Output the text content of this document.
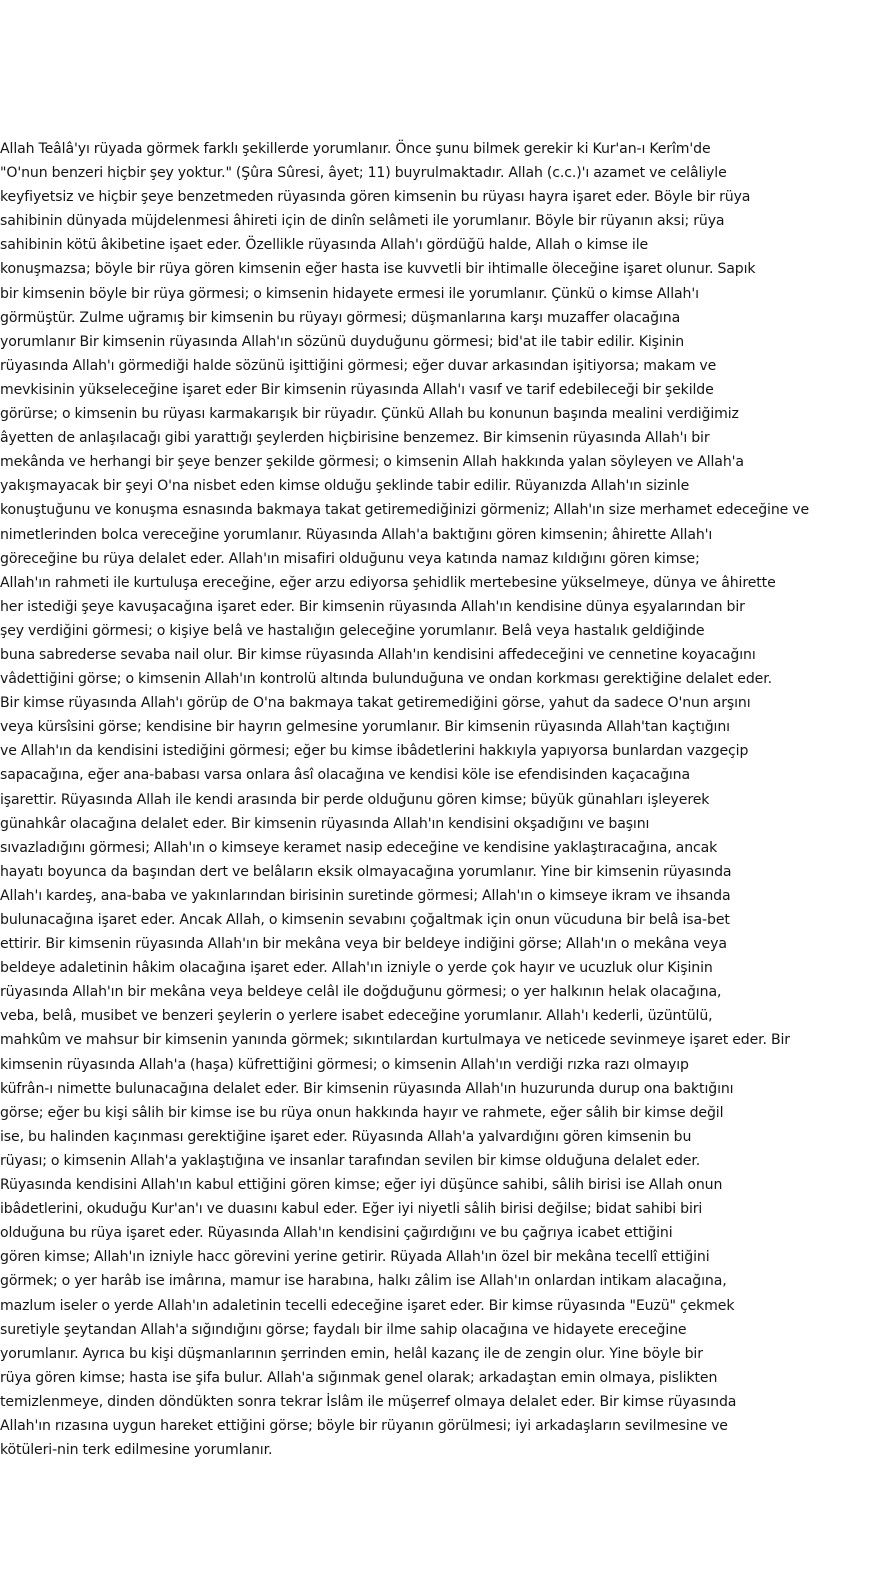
Allah Teâlâ'yı rüyada görmek farklı şekillerde yorumlanır. Önce şunu bilmek gerekir ki Kur'an-ı Kerîm'de
"O'nun benzeri hiçbir şey yoktur." (Şûra Sûresi, âyet; 11) buyrulmaktadır. Allah (c.c.)'ı azamet ve celâliyle
keyfiyetsiz ve hiçbir şeye benzetmeden rüyasında gören kimsenin bu rüyası hayra işaret eder. Böyle bir rüya
sahibinin dünyada müjdelenmesi âhireti için de dinîn selâmeti ile yorumlanır. Böyle bir rüyanın aksi; rüya
sahibinin kötü âkibetine işaet eder. Özellikle rüyasında Allah'ı gördüğü halde, Allah o kimse ile
konuşmazsa; böyle bir rüya gören kimsenin eğer hasta ise kuvvetli bir ihtimalle öleceğine işaret olunur. Sapık
bir kimsenin böyle bir rüya görmesi; o kimsenin hidayete ermesi ile yorumlanır. Çünkü o kimse Allah'ı
görmüştür. Zulme uğramış bir kimsenin bu rüyayı görmesi; düşmanlarına karşı muzaffer olacağına
yorumlanır Bir kimsenin rüyasında Allah'ın sözünü duyduğunu görmesi; bid'at ile tabir edilir. Kişinin
rüyasında Allah'ı görmediği halde sözünü işittiğini görmesi; eğer duvar arkasından işitiyorsa; makam ve
mevkisinin yükseleceğine işaret eder Bir kimsenin rüyasında Allah'ı vasıf ve tarif edebileceği bir şekilde
görürse; o kimsenin bu rüyası karmakarışık bir rüyadır. Çünkü Allah bu konunun başında mealini verdiğimiz
âyetten de anlaşılacağı gibi yarattığı şeylerden hiçbirisine benzemez. Bir kimsenin rüyasında Allah'ı bir
mekânda ve herhangi bir şeye benzer şekilde görmesi; o kimsenin Allah hakkında yalan söyleyen ve Allah'a
yakışmayacak bir şeyi O'na nisbet eden kimse olduğu şeklinde tabir edilir. Rüyanızda Allah'ın sizinle
konuştuğunu ve konuşma esnasında bakmaya takat getiremediğinizi görmeniz; Allah'ın size merhamet edeceğine ve
nimetlerinden bolca vereceğine yorumlanır. Rüyasında Allah'a baktığını gören kimsenin; âhirette Allah'ı
göreceğine bu rüya delalet eder. Allah'ın misafiri olduğunu veya katında namaz kıldığını gören kimse;
Allah'ın rahmeti ile kurtuluşa ereceğine, eğer arzu ediyorsa şehidlik mertebesine yükselmeye, dünya ve âhirette
her istediği şeye kavuşacağına işaret eder. Bir kimsenin rüyasında Allah'ın kendisine dünya eşyalarından bir
şey verdiğini görmesi; o kişiye belâ ve hastalığın geleceğine yorumlanır. Belâ veya hastalık geldiğinde
buna sabrederse sevaba nail olur. Bir kimse rüyasında Allah'ın kendisini affedeceğini ve cennetine koyacağını
vâdettiğini görse; o kimsenin Allah'ın kontrolü altında bulunduğuna ve ondan korkması gerektiğine delalet eder.
Bir kimse rüyasında Allah'ı görüp de O'na bakmaya takat getiremediğini görse, yahut da sadece O'nun arşını
veya kürsîsini görse; kendisine bir hayrın gelmesine yorumlanır. Bir kimsenin rüyasında Allah'tan kaçtığını
ve Allah'ın da kendisini istediğini görmesi; eğer bu kimse ibâdetlerini hakkıyla yapıyorsa bunlardan vazgeçip
sapacağına, eğer ana-babası varsa onlara âsî olacağına ve kendisi köle ise efendisinden kaçacağına
işarettir. Rüyasında Allah ile kendi arasında bir perde olduğunu gören kimse; büyük günahları işleyerek
günahkâr olacağına delalet eder. Bir kimsenin rüyasında Allah'ın kendisini okşadığını ve başını
sıvazladığını görmesi; Allah'ın o kimseye keramet nasip edeceğine ve kendisine yaklaştıracağına, ancak
hayatı boyunca da başından dert ve belâların eksik olmayacağına yorumlanır. Yine bir kimsenin rüyasında
Allah'ı kardeş, ana-baba ve yakınlarından birisinin suretinde görmesi; Allah'ın o kimseye ikram ve ihsanda
bulunacağına işaret eder. Ancak Allah, o kimsenin sevabını çoğaltmak için onun vücuduna bir belâ isa-bet
ettirir. Bir kimsenin rüyasında Allah'ın bir mekâna veya bir beldeye indiğini görse; Allah'ın o mekâna veya
beldeye adaletinin hâkim olacağına işaret eder. Allah'ın izniyle o yerde çok hayır ve ucuzluk olur Kişinin
rüyasında Allah'ın bir mekâna veya beldeye celâl ile doğduğunu görmesi; o yer halkının helak olacağına,
veba, belâ, musibet ve benzeri şeylerin o yerlere isabet edeceğine yorumlanır. Allah'ı kederli, üzüntülü,
mahkûm ve mahsur bir kimsenin yanında görmek; sıkıntılardan kurtulmaya ve neticede sevinmeye işaret eder. Bir
kimsenin rüyasında Allah'a (haşa) küfrettiğini görmesi; o kimsenin Allah'ın verdiği rızka razı olmayıp
küfrân-ı nimette bulunacağına delalet eder. Bir kimsenin rüyasında Allah'ın huzurunda durup ona baktığını
görse; eğer bu kişi sâlih bir kimse ise bu rüya onun hakkında hayır ve rahmete, eğer sâlih bir kimse değil
ise, bu halinden kaçınması gerektiğine işaret eder. Rüyasında Allah'a yalvardığını gören kimsenin bu
rüyası; o kimsenin Allah'a yaklaştığına ve insanlar tarafından sevilen bir kimse olduğuna delalet eder.
Rüyasında kendisini Allah'ın kabul ettiğini gören kimse; eğer iyi düşünce sahibi, sâlih birisi ise Allah onun
ibâdetlerini, okuduğu Kur'an'ı ve duasını kabul eder. Eğer iyi niyetli sâlih birisi değilse; bidat sahibi biri
olduğuna bu rüya işaret eder. Rüyasında Allah'ın kendisini çağırdığını ve bu çağrıya icabet ettiğini
gören kimse; Allah'ın izniyle hacc görevini yerine getirir. Rüyada Allah'ın özel bir mekâna tecellî ettiğini
görmek; o yer harâb ise imârına, mamur ise harabına, halkı zâlim ise Allah'ın onlardan intikam alacağına,
mazlum iseler o yerde Allah'ın adaletinin tecelli edeceğine işaret eder. Bir kimse rüyasında "Euzü" çekmek
suretiyle şeytandan Allah'a sığındığını görse; faydalı bir ilme sahip olacağına ve hidayete ereceğine
yorumlanır. Ayrıca bu kişi düşmanlarının şerrinden emin, helâl kazanç ile de zengin olur. Yine böyle bir
rüya gören kimse; hasta ise şifa bulur. Allah'a sığınmak genel olarak; arkadaştan emin olmaya, pislikten
temizlenmeye, dinden döndükten sonra tekrar İslâm ile müşerref olmaya delalet eder. Bir kimse rüyasında
Allah'ın rızasına uygun hareket ettiğini görse; böyle bir rüyanın görülmesi; iyi arkadaşların sevilmesine ve
kötüleri-nin terk edilmesine yorumlanır.
